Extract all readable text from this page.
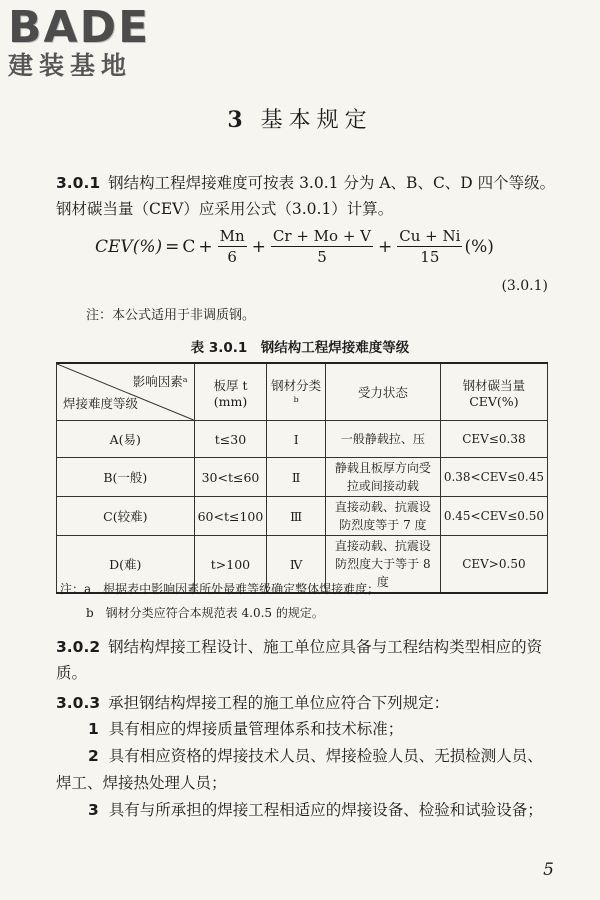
BADE
建装基地
3 基本规定
3.0.1 钢结构工程焊接难度可按表 3.0.1 分为 A、B、C、D 四个等级。钢材碳当量（CEV）应采用公式（3.0.1）计算。
$CEV(\%) = C + \frac{Mn}{6} + \frac{Cr + Mo + V}{5} + \frac{Cu + Ni}{15}$ (%)
(3.0.1)
注：本公式适用于非调质钢。
表 3.0.1　钢结构工程焊接难度等级
影响因素ᵃ
焊接难度等级	板厚 t (mm)	钢材分类ᵇ	受力状态	钢材碳当量 CEV(%)
A(易)	t≤30	Ⅰ	一般静载拉、压	CEV≤0.38
B(一般)	30<t≤60	Ⅱ	静载且板厚方向受拉或间接动载	0.38<CEV≤0.45
C(较难)	60<t≤100	Ⅲ	直接动载、抗震设防烈度等于 7 度	0.45<CEV≤0.50
D(难)	t>100	Ⅳ	直接动载、抗震设防烈度大于等于 8 度	CEV>0.50
注：a　根据表中影响因素所处最难等级确定整体焊接难度；
b　钢材分类应符合本规范表 4.0.5 的规定。
3.0.2 钢结构焊接工程设计、施工单位应具备与工程结构类型相应的资质。
3.0.3 承担钢结构焊接工程的施工单位应符合下列规定：
1 具有相应的焊接质量管理体系和技术标准；
2 具有相应资格的焊接技术人员、焊接检验人员、无损检测人员、焊工、焊接热处理人员；
3 具有与所承担的焊接工程相适应的焊接设备、检验和试验设备；
5
